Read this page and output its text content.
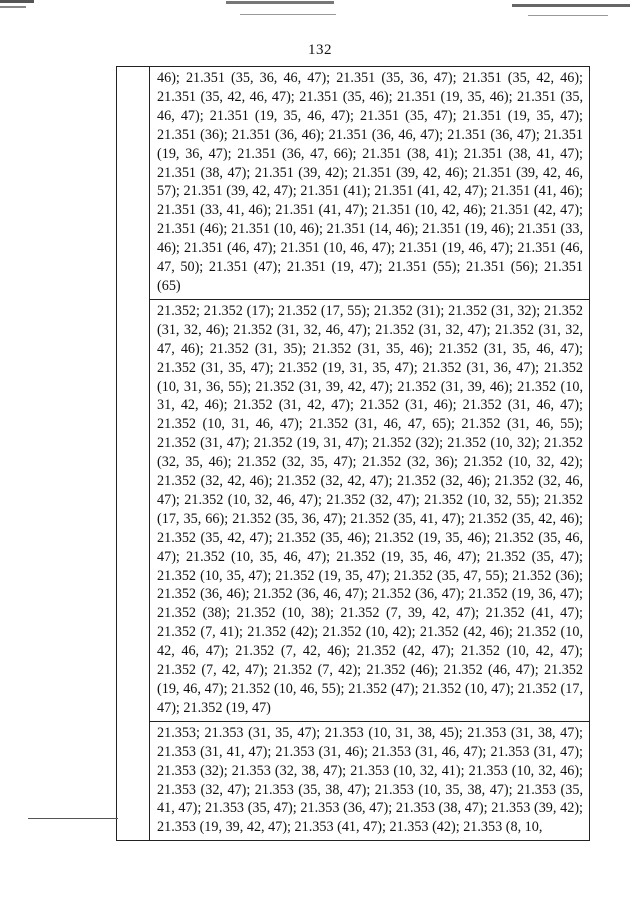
132

46); 21.351 (35, 36, 46, 47); 21.351 (35, 36, 47); 21.351 (35, 42, 46); 21.351 (35, 42, 46, 47); 21.351 (35, 46); 21.351 (19, 35, 46); 21.351 (35, 46, 47); 21.351 (19, 35, 46, 47); 21.351 (35, 47); 21.351 (19, 35, 47); 21.351 (36); 21.351 (36, 46); 21.351 (36, 46, 47); 21.351 (36, 47); 21.351 (19, 36, 47); 21.351 (36, 47, 66); 21.351 (38, 41); 21.351 (38, 41, 47); 21.351 (38, 47); 21.351 (39, 42); 21.351 (39, 42, 46); 21.351 (39, 42, 46, 57); 21.351 (39, 42, 47); 21.351 (41); 21.351 (41, 42, 47); 21.351 (41, 46); 21.351 (33, 41, 46); 21.351 (41, 47); 21.351 (10, 42, 46); 21.351 (42, 47); 21.351 (46); 21.351 (10, 46); 21.351 (14, 46); 21.351 (19, 46); 21.351 (33, 46); 21.351 (46, 47); 21.351 (10, 46, 47); 21.351 (19, 46, 47); 21.351 (46, 47, 50); 21.351 (47); 21.351 (19, 47); 21.351 (55); 21.351 (56); 21.351 (65)

21.352; 21.352 (17); 21.352 (17, 55); 21.352 (31); 21.352 (31, 32); 21.352 (31, 32, 46); 21.352 (31, 32, 46, 47); 21.352 (31, 32, 47); 21.352 (31, 32, 47, 46); 21.352 (31, 35); 21.352 (31, 35, 46); 21.352 (31, 35, 46, 47); 21.352 (31, 35, 47); 21.352 (19, 31, 35, 47); 21.352 (31, 36, 47); 21.352 (10, 31, 36, 55); 21.352 (31, 39, 42, 47); 21.352 (31, 39, 46); 21.352 (10, 31, 42, 46); 21.352 (31, 42, 47); 21.352 (31, 46); 21.352 (31, 46, 47); 21.352 (10, 31, 46, 47); 21.352 (31, 46, 47, 65); 21.352 (31, 46, 55); 21.352 (31, 47); 21.352 (19, 31, 47); 21.352 (32); 21.352 (10, 32); 21.352 (32, 35, 46); 21.352 (32, 35, 47); 21.352 (32, 36); 21.352 (10, 32, 42); 21.352 (32, 42, 46); 21.352 (32, 42, 47); 21.352 (32, 46); 21.352 (32, 46, 47); 21.352 (10, 32, 46, 47); 21.352 (32, 47); 21.352 (10, 32, 55); 21.352 (17, 35, 66); 21.352 (35, 36, 47); 21.352 (35, 41, 47); 21.352 (35, 42, 46); 21.352 (35, 42, 47); 21.352 (35, 46); 21.352 (19, 35, 46); 21.352 (35, 46, 47); 21.352 (10, 35, 46, 47); 21.352 (19, 35, 46, 47); 21.352 (35, 47); 21.352 (10, 35, 47); 21.352 (19, 35, 47); 21.352 (35, 47, 55); 21.352 (36); 21.352 (36, 46); 21.352 (36, 46, 47); 21.352 (36, 47); 21.352 (19, 36, 47); 21.352 (38); 21.352 (10, 38); 21.352 (7, 39, 42, 47); 21.352 (41, 47); 21.352 (7, 41); 21.352 (42); 21.352 (10, 42); 21.352 (42, 46); 21.352 (10, 42, 46, 47); 21.352 (7, 42, 46); 21.352 (42, 47); 21.352 (10, 42, 47); 21.352 (7, 42, 47); 21.352 (7, 42); 21.352 (46); 21.352 (46, 47); 21.352 (19, 46, 47); 21.352 (10, 46, 55); 21.352 (47); 21.352 (10, 47); 21.352 (17, 47); 21.352 (19, 47)

21.353; 21.353 (31, 35, 47); 21.353 (10, 31, 38, 45); 21.353 (31, 38, 47); 21.353 (31, 41, 47); 21.353 (31, 46); 21.353 (31, 46, 47); 21.353 (31, 47); 21.353 (32); 21.353 (32, 38, 47); 21.353 (10, 32, 41); 21.353 (10, 32, 46); 21.353 (32, 47); 21.353 (35, 38, 47); 21.353 (10, 35, 38, 47); 21.353 (35, 41, 47); 21.353 (35, 47); 21.353 (36, 47); 21.353 (38, 47); 21.353 (39, 42); 21.353 (19, 39, 42, 47); 21.353 (41, 47); 21.353 (42); 21.353 (8, 10,
